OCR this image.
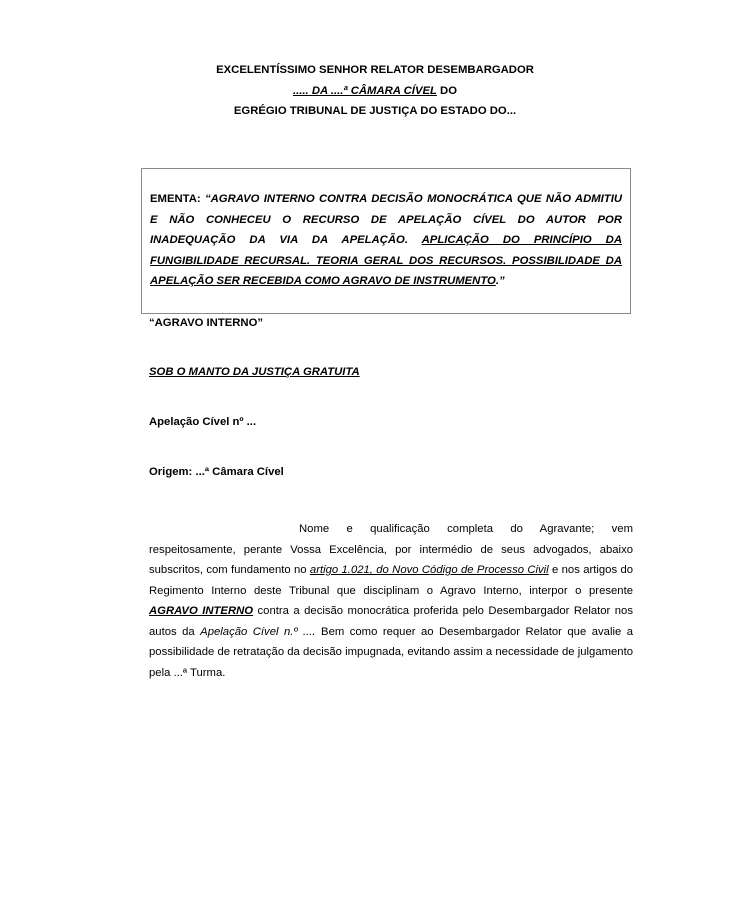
EXCELENTÍSSIMO SENHOR RELATOR DESEMBARGADOR
..... DA ....ª CÂMARA CÍVEL DO
EGRÉGIO TRIBUNAL DE JUSTIÇA DO ESTADO DO...
EMENTA: “AGRAVO INTERNO CONTRA DECISÃO MONOCRÁTICA QUE NÃO ADMITIU E NÃO CONHECEU O RECURSO DE APELAÇÃO CÍVEL DO AUTOR POR INADEQUAÇÃO DA VIA DA APELAÇÃO. APLICAÇÃO DO PRINCÍPIO DA FUNGIBILIDADE RECURSAL. TEORIA GERAL DOS RECURSOS. POSSIBILIDADE DA APELAÇÃO SER RECEBIDA COMO AGRAVO DE INSTRUMENTO.”
“AGRAVO INTERNO”
SOB O MANTO DA JUSTIÇA GRATUITA
Apelação Cível nº ...
Origem: ...ª Câmara Cível
Nome e qualificação completa do Agravante; vem respeitosamente, perante Vossa Excelência, por intermédio de seus advogados, abaixo subscritos, com fundamento no artigo 1.021, do Novo Código de Processo Civil e nos artigos do Regimento Interno deste Tribunal que disciplinam o Agravo Interno, interpor o presente AGRAVO INTERNO contra a decisão monocrática proferida pelo Desembargador Relator nos autos da Apelação Cível n.º .... Bem como requer ao Desembargador Relator que avalie a possibilidade de retratação da decisão impugnada, evitando assim a necessidade de julgamento pela ...ª Turma.
